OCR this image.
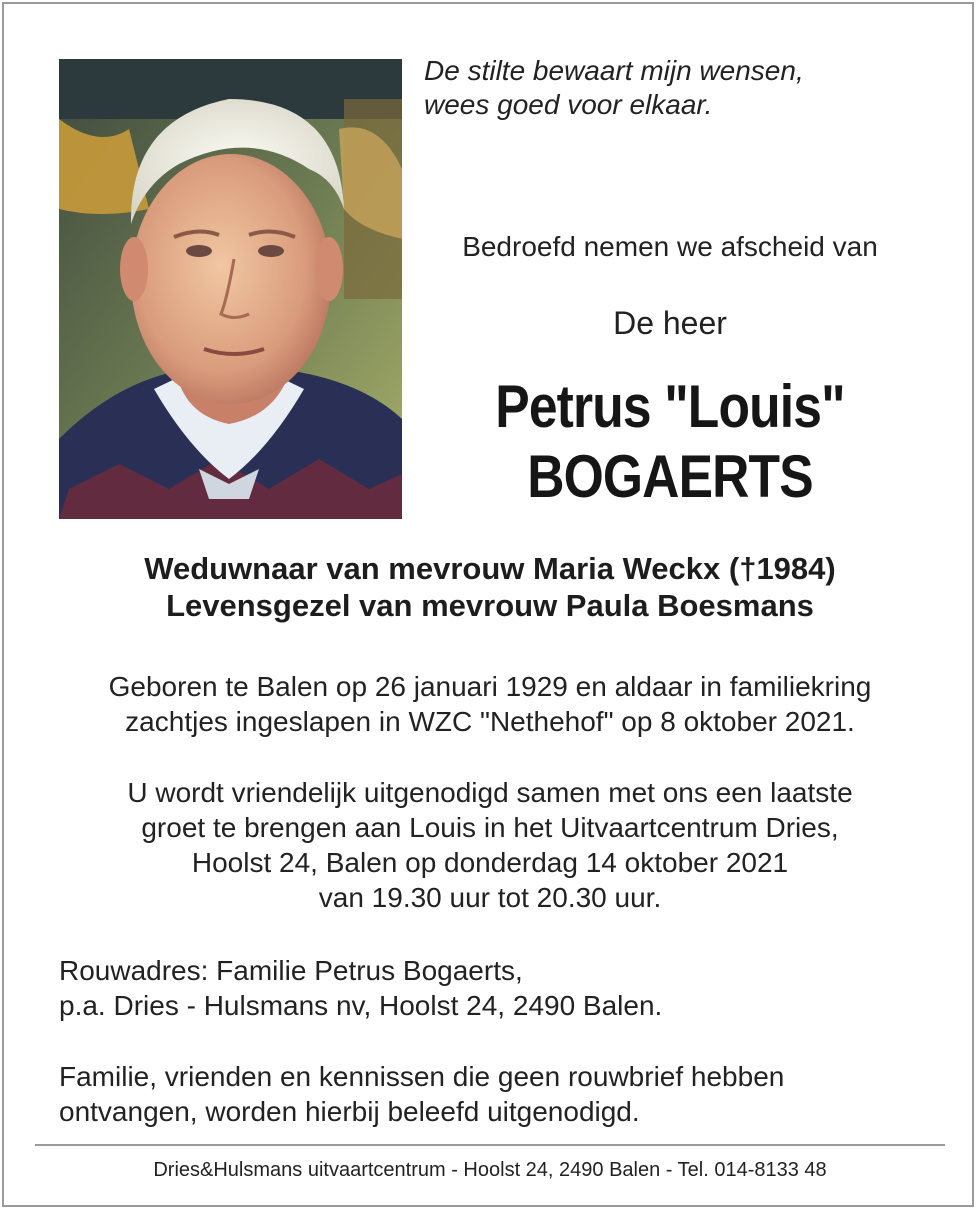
De stilte bewaart mijn wensen,
wees goed voor elkaar.

Bedroefd nemen we afscheid van
De heer
Petrus "Louis"
BOGAERTS

Weduwnaar van mevrouw Maria Weckx (†1984)
Levensgezel van mevrouw Paula Boesmans

Geboren te Balen op 26 januari 1929 en aldaar in familiekring
zachtjes ingeslapen in WZC "Nethehof" op 8 oktober 2021.

U wordt vriendelijk uitgenodigd samen met ons een laatste
groet te brengen aan Louis in het Uitvaartcentrum Dries,
Hoolst 24, Balen op donderdag 14 oktober 2021
van 19.30 uur tot 20.30 uur.

Rouwadres: Familie Petrus Bogaerts,
p.a. Dries - Hulsmans nv, Hoolst 24, 2490 Balen.

Familie, vrienden en kennissen die geen rouwbrief hebben
ontvangen, worden hierbij beleefd uitgenodigd.

Dries&Hulsmans uitvaartcentrum - Hoolst 24, 2490 Balen - Tel. 014-8133 48
